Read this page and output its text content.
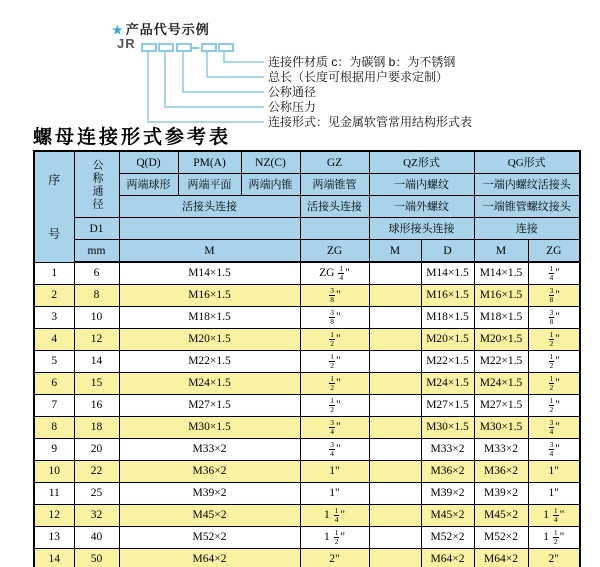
★ 产品代号示例
JR
连接件材质 c：为碳钢 b：为不锈钢
总长（长度可根据用户要求定制）
公称通径
公称压力
连接形式：见金属软管常用结构形式表
螺母连接形式参考表
序
号	公称通径	Q(D)	PM(A)	NZ(C)	GZ	QZ形式		QG形式	
		两端球形	两端平面	两端内锥	两端锥管	一端内螺纹		一端内螺纹活接头	
		活接头连接			活接头连接	一端外螺纹		一端锥管螺纹接头	
	D1					球形接头连接		连接	
	mm	M			ZG	M	D	M	ZG
1	6	M14×1.5			ZG $\frac{1}{4}$ "		M14×1.5	M14×1.5	$\frac{1}{4}$ "
2	8	M16×1.5			$\frac{3}{8}$ "		M16×1.5	M16×1.5	$\frac{3}{8}$ "
3	10	M18×1.5			$\frac{3}{8}$ "		M18×1.5	M18×1.5	$\frac{3}{8}$ "
4	12	M20×1.5			$\frac{1}{2}$ "		M20×1.5	M20×1.5	$\frac{1}{2}$ "
5	14	M22×1.5			$\frac{1}{2}$ "		M22×1.5	M22×1.5	$\frac{1}{2}$ "
6	15	M24×1.5			$\frac{1}{2}$ "		M24×1.5	M24×1.5	$\frac{1}{2}$ "
7	16	M27×1.5			$\frac{1}{2}$ "		M27×1.5	M27×1.5	$\frac{1}{2}$ "
8	18	M30×1.5			$\frac{3}{4}$ "		M30×1.5	M30×1.5	$\frac{3}{4}$ "
9	20	M33×2			$\frac{3}{4}$ "		M33×2	M33×2	$\frac{3}{4}$ "
10	22	M36×2			1"		M36×2	M36×2	1"
11	25	M39×2			1"		M39×2	M39×2	1"
12	32	M45×2			$1 \frac{1}{4}$ "		M45×2	M45×2	$1 \frac{1}{4}$ "
13	40	M52×2			$1 \frac{1}{2}$ "		M52×2	M52×2	$1 \frac{1}{2}$ "
14	50	M64×2			2"		M64×2	M64×2	2"
